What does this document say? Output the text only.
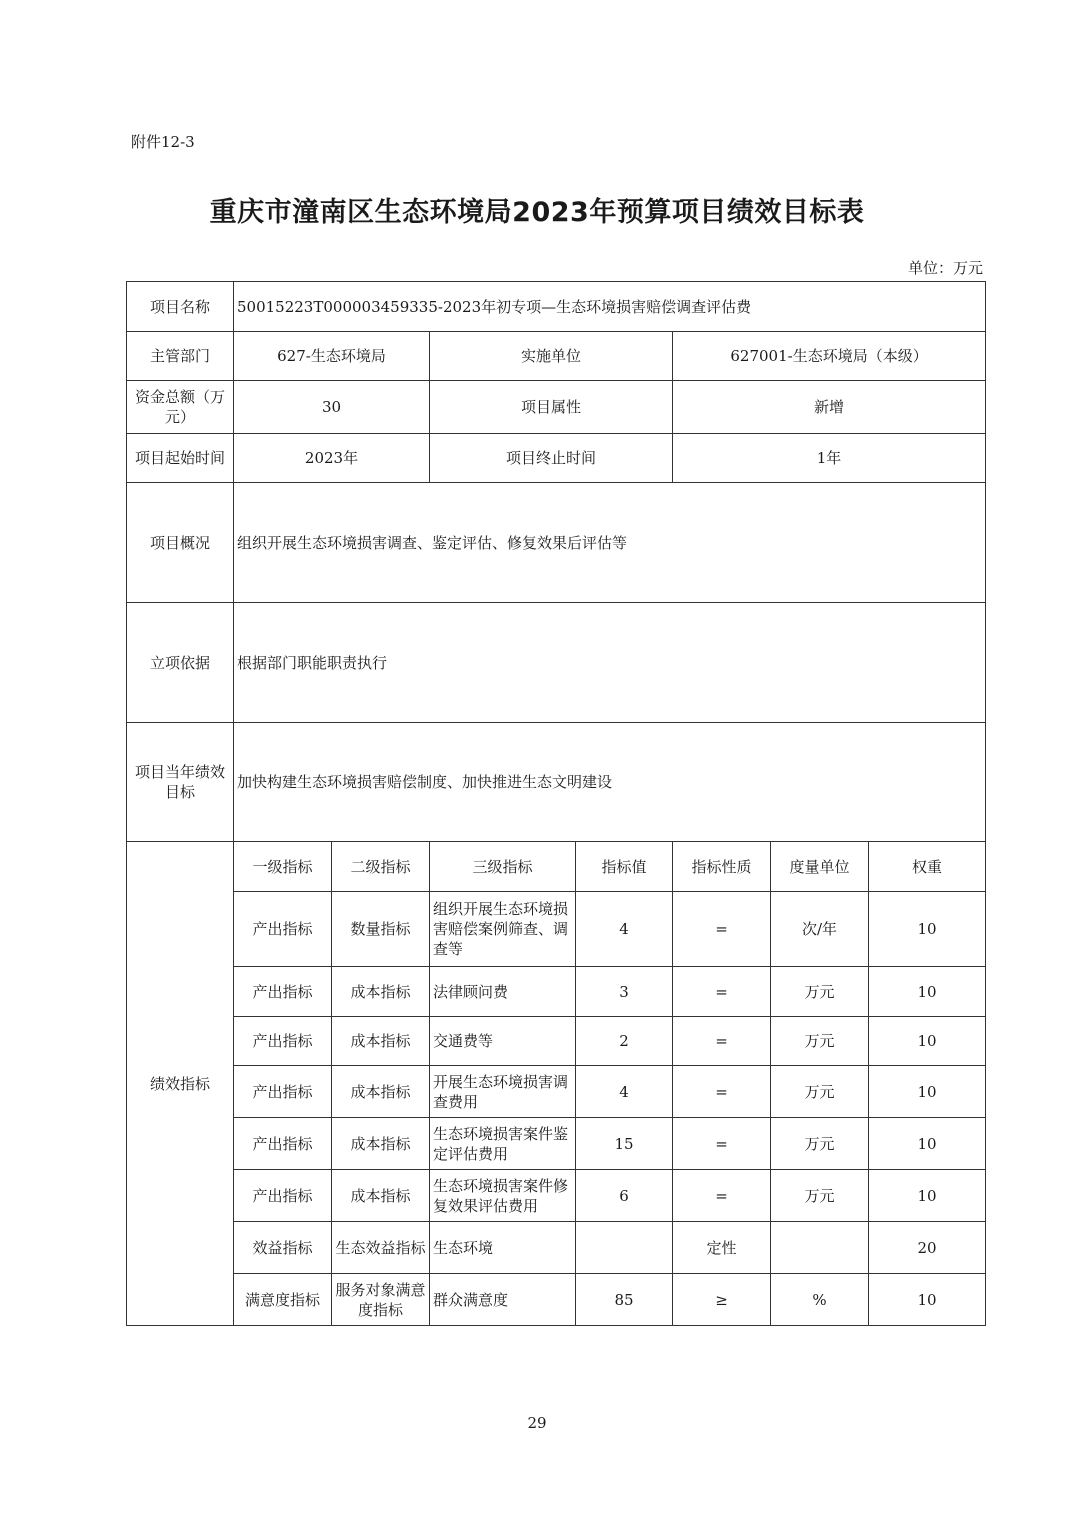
附件12-3
重庆市潼南区生态环境局2023年预算项目绩效目标表
单位：万元
项目名称	50015223T000003459335-2023年初专项—生态环境损害赔偿调查评估费						
主管部门	627-生态环境局		实施单位		627001-生态环境局（本级）		
资金总额（万元）	30		项目属性		新增		
项目起始时间	2023年		项目终止时间		1年		
项目概况	组织开展生态环境损害调查、鉴定评估、修复效果后评估等						
立项依据	根据部门职能职责执行						
项目当年绩效目标	加快构建生态环境损害赔偿制度、加快推进生态文明建设						
绩效指标	一级指标	二级指标	三级指标	指标值	指标性质	度量单位	权重
	产出指标	数量指标	组织开展生态环境损害赔偿案例筛查、调查等	4	=	次/年	10
	产出指标	成本指标	法律顾问费	3	=	万元	10
	产出指标	成本指标	交通费等	2	=	万元	10
	产出指标	成本指标	开展生态环境损害调查费用	4	=	万元	10
	产出指标	成本指标	生态环境损害案件鉴定评估费用	15	=	万元	10
	产出指标	成本指标	生态环境损害案件修复效果评估费用	6	=	万元	10
	效益指标	生态效益指标	生态环境		定性		20
	满意度指标	服务对象满意度指标	群众满意度	85	≥	%	10
29
